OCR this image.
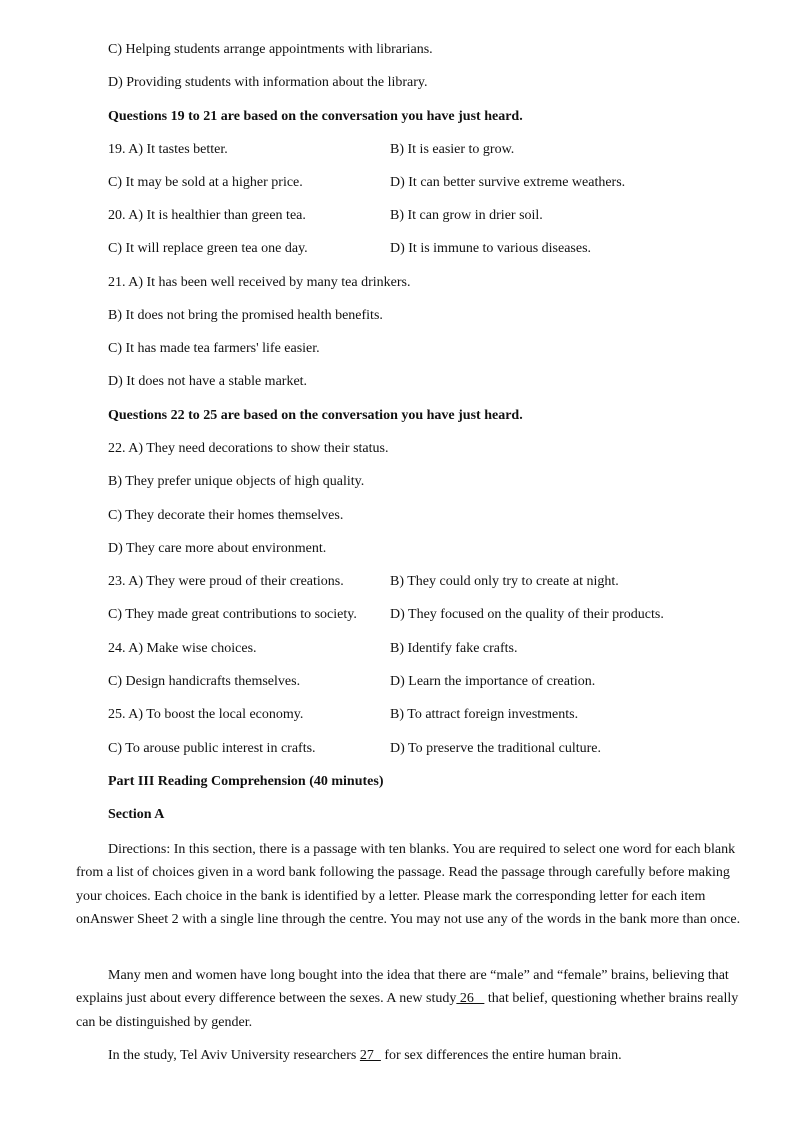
C) Helping students arrange appointments with librarians.
D) Providing students with information about the library.
Questions 19 to 21 are based on the conversation you have just heard.
19. A) It tastes better.	B) It is easier to grow.
C) It may be sold at a higher price.	D) It can better survive extreme weathers.
20. A) It is healthier than green tea.	B) It can grow in drier soil.
C) It will replace green tea one day.	D) It is immune to various diseases.
21. A) It has been well received by many tea drinkers.
B) It does not bring the promised health benefits.
C) It has made tea farmers' life easier.
D) It does not have a stable market.
Questions 22 to 25 are based on the conversation you have just heard.
22. A) They need decorations to show their status.
B) They prefer unique objects of high quality.
C) They decorate their homes themselves.
D) They care more about environment.
23. A) They were proud of their creations.	B) They could only try to create at night.
C) They made great contributions to society. D) They focused on the quality of their products.
24. A) Make wise choices.	B) Identify fake crafts.
C) Design handicrafts themselves.	D) Learn the importance of creation.
25. A) To boost the local economy.	B) To attract foreign investments.
C) To arouse public interest in crafts.	D) To preserve the traditional culture.
Part III Reading Comprehension (40 minutes)
Section A
Directions: In this section, there is a passage with ten blanks. You are required to select one word for each blank from a list of choices given in a word bank following the passage. Read the passage through carefully before making your choices. Each choice in the bank is identified by a letter. Please mark the corresponding letter for each item onAnswer Sheet 2 with a single line through the centre. You may not use any of the words in the bank more than once.
Many men and women have long bought into the idea that there are “male” and “female” brains, believing that explains just about every difference between the sexes. A new study 26    that belief, questioning whether brains really can be distinguished by gender.
In the study, Tel Aviv University researchers 27   for sex differences the entire human brain.
